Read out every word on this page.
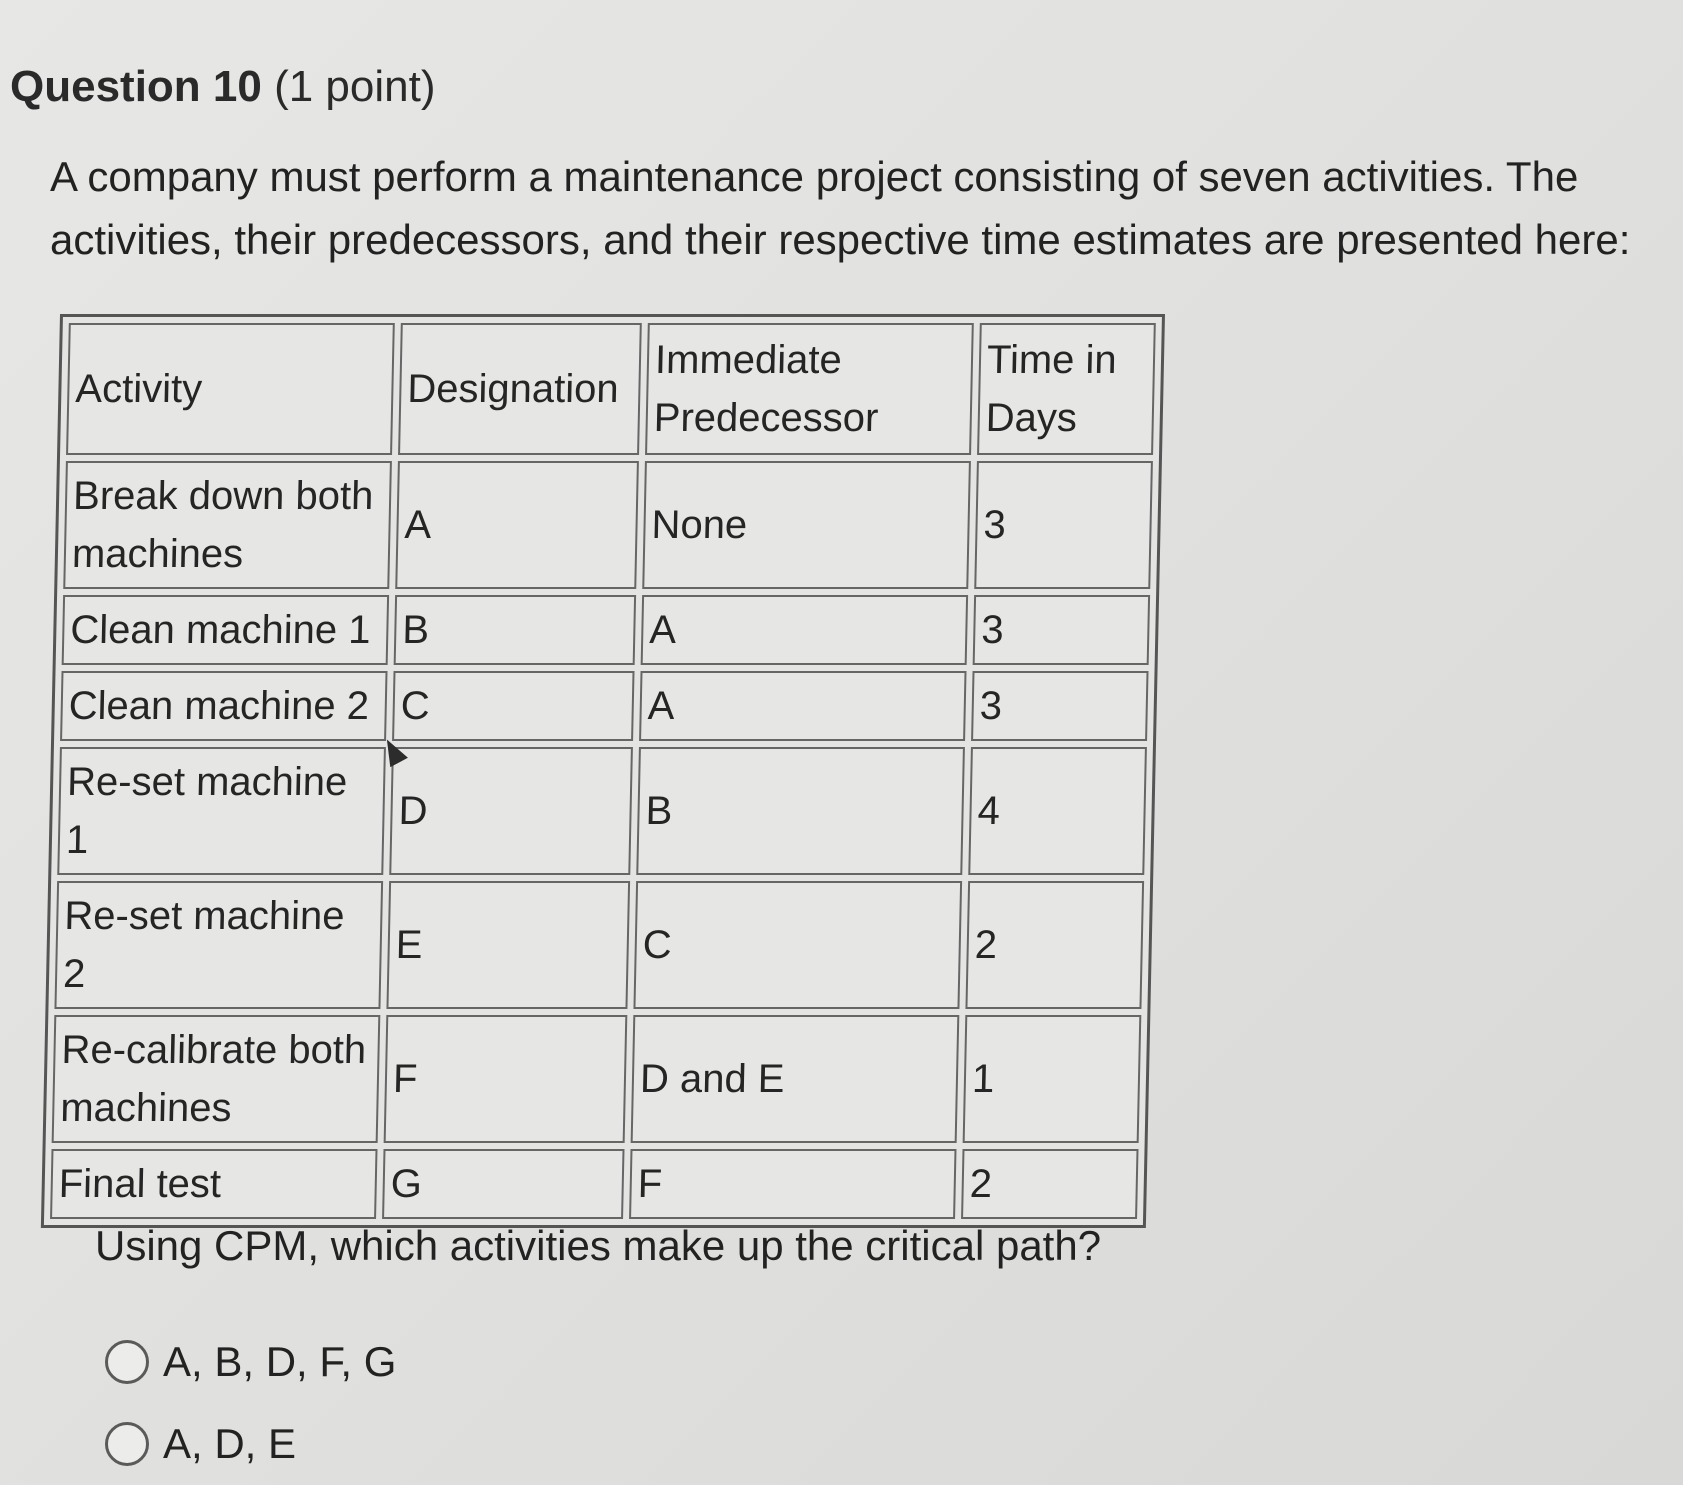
Question 10 (1 point)
A company must perform a maintenance project consisting of seven activities. The activities, their predecessors, and their respective time estimates are presented here:
Activity	Designation	Immediate Predecessor	Time in Days
Break down both machines	A	None	3
Clean machine 1	B	A	3
Clean machine 2	C	A	3
Re-set machine 1	D	B	4
Re-set machine 2	E	C	2
Re-calibrate both machines	F	D and E	1
Final test	G	F	2
Using CPM, which activities make up the critical path?
A, B, D, F, G
A, D, E
